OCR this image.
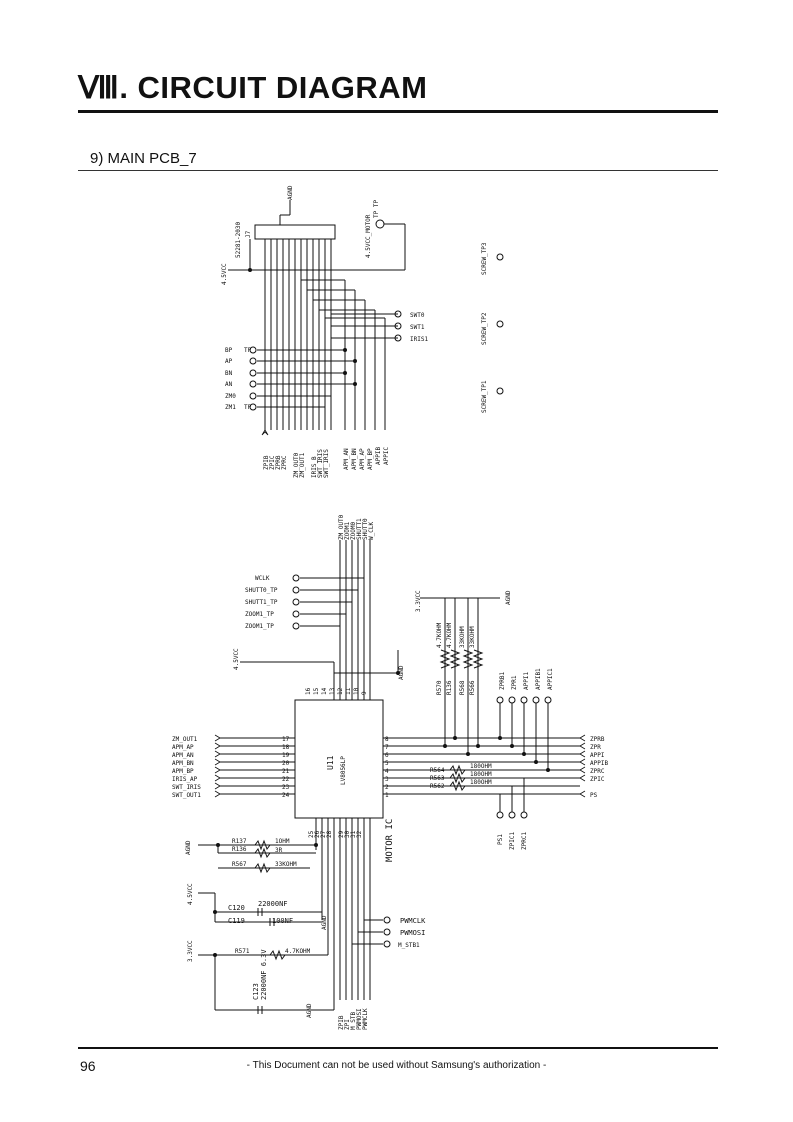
Ⅷ. CIRCUIT DIAGRAM
9) MAIN PCB_7
52281-2030 J7
4.5VCC
4.5VCC_MOTOR
TP TP
AGND
SWT0
SWT1
IRIS1
BP
AP
BN
AN
ZM0
ZM1
TP
TP
SCREW_TP3
SCREW_TP2
SCREW_TP1
ZPIB ZPIC ZPRB ZPRC ZM_OUT0 ZM_OUT1 IRIS_B SWT_IRIS SWT_IRIS APM_AN APM_BN APM_AP APM_BP APPIB APPIC
ZM_OUT0 ZOOM1 ZOOM0 SHUTT1 SHUTT0 W_CLK
WCLK
SHUTT0_TP
SHUTT1_TP
ZOOM1_TP
ZOOM1_TP
4.5VCC
3.3VCC
AGND
AGND
U11 LV8056LP
MOTOR IC
16 15 14 13 12 11 10 9
17
18
19
20
21
22
23
24
8
7
6
5
4
3
2
1
25 26 27 28 29 30 31 32
ZM_OUT1
APM_AP
APM_AN
APM_BN
APM_BP
IRIS_AP
SWT_IRIS
SWT_OUT1
ZPRB
ZPR
APPI
APPIB
ZPRC
ZPIC
PS
4.7KOHM 4.7KOHM 33KOHM 33KOHM
R570 R136 R568 R566
R564
R563
R562
180OHM
180OHM
180OHM
ZPRB1 ZPR1 APPI1 APPIB1 APPIC1
PS1 ZPIC1 ZPRC1
AGND	R137	1OHM
R136	3R
R567	33KOHM
4.5VCC
C120 22000NF
C119	100NF	AGND
3.3VCC	R571	4.7KOHM
C123 22000NF 6.3V
AGND
ZPIB ZPI M_STB PWMOSI PWMCLK
PWMCLK
PWMOSI
M_STB1
96	- This Document can not be used without Samsung's authorization -
